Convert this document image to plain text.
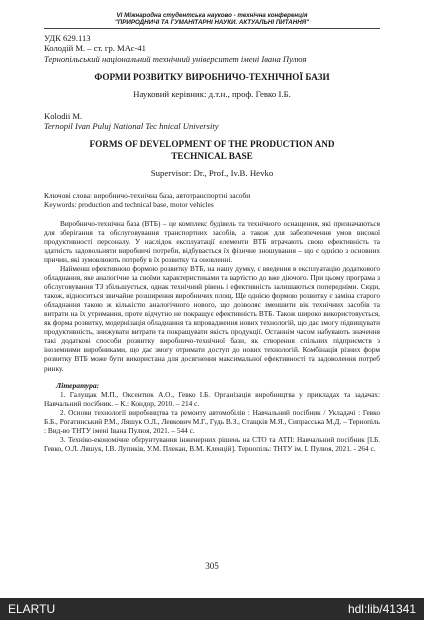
VI Міжнародна студентська науково - технічна конференція
"ПРИРОДНИЧІ ТА ГУМАНІТАРНІ НАУКИ. АКТУАЛЬНІ ПИТАННЯ"

УДК 629.113

Колодій М. – ст. гр. МАс-41

Тернопільський національний технічний університет імені Івана Пулюя

ФОРМИ РОЗВИТКУ ВИРОБНИЧО-ТЕХНІЧНОЇ БАЗИ
Науковий керівник: д.т.н., проф. Гевко І.Б.

Kolodii M.

Ternopil Ivan Puluj National Tec hnical University

FORMS OF DEVELOPMENT OF THE PRODUCTION AND
TECHNICAL BASE
Supervisor: Dr., Prof., Iv.B. Hevko

Ключові слова: виробничо-технічна база, автотранспортні засоби

Keywords: production and technical base, motor vehicles

Виробничо-технічна база (ВТБ) – це комплекс будівель та технічного оснащення, які призначаються для зберігання та обслуговування транспортних засобів, а також для забезпечення умов високої продуктивності персоналу. У наслідок експлуатації елементи ВТБ втрачають свою ефективність та здатність задовольняти виробничі потреби, відбувається їх фізичне зношування – що є однією з основних причин, які зумовлюють потребу в їх розвитку та оновленні.

Найменш ефективною формою розвитку ВТБ, на нашу думку, є введення в експлуатацію додаткового обладнання, яке аналогічне за своїми характеристиками та вартістю до вже діючого. При цьому програма з обслуговування ТЗ збільшується, однак технічний рівень і ефективність залишаються попередніми. Сюди, також, відноситься звичайне розширення виробничих площ. Ще однією формою розвитку є заміна старого обладнання такою ж кількістю аналогічного нового, що дозволяє зменшити вік технічних засобів та витрати на їх утримання, проте відчутно не покращує ефективність ВТБ. Також широко використовується, як форма розвитку, модернізація обладнання та впровадження нових технологій, що дає змогу підвищувати продуктивність, знижувати витрати та покращувати якість продукції. Останнім часом набувають значення такі додаткові способи розвитку виробничо-технічної бази, як створення спільних підприємств з іноземними виробниками, що дає змогу отримати доступ до нових технологій. Комбінація різних форм розвитку ВТБ може бути використана для досягнення максимальної ефективності та задоволення потреб ринку.

Література:

1. Галущак М.П., Оксентюк А.О., Гевко І.Б. Організація виробництва у прикладах та задачах: Навчальний посібник. – К.: Кондор, 2010. – 214 с.

2. Основи технології виробництва та ремонту автомобілів : Навчальний посібник / Укладачі : Гевко Б.Б., Рогатинський Р.М., Ляшук О.Л., Левкович М.Г., Гудь В.З., Стащків М.Я., Сипрасська М.Д. – Тернопіль : Вид-во ТНТУ імені Івана Пулюя, 2021. – 544 с.

3. Техніко-економічне обґрунтування інженерних рішень на СТО та АТП: Навчальний посібник [І.Б. Гевко, О.Л. Ляшук, І.В. Лупиків, У.М. Плекан, В.М. Кленцій]. Тернопіль: ТНТУ ім. І. Пулюя, 2021. - 264 с.

305
ELARTU	hdl:lib/41341
